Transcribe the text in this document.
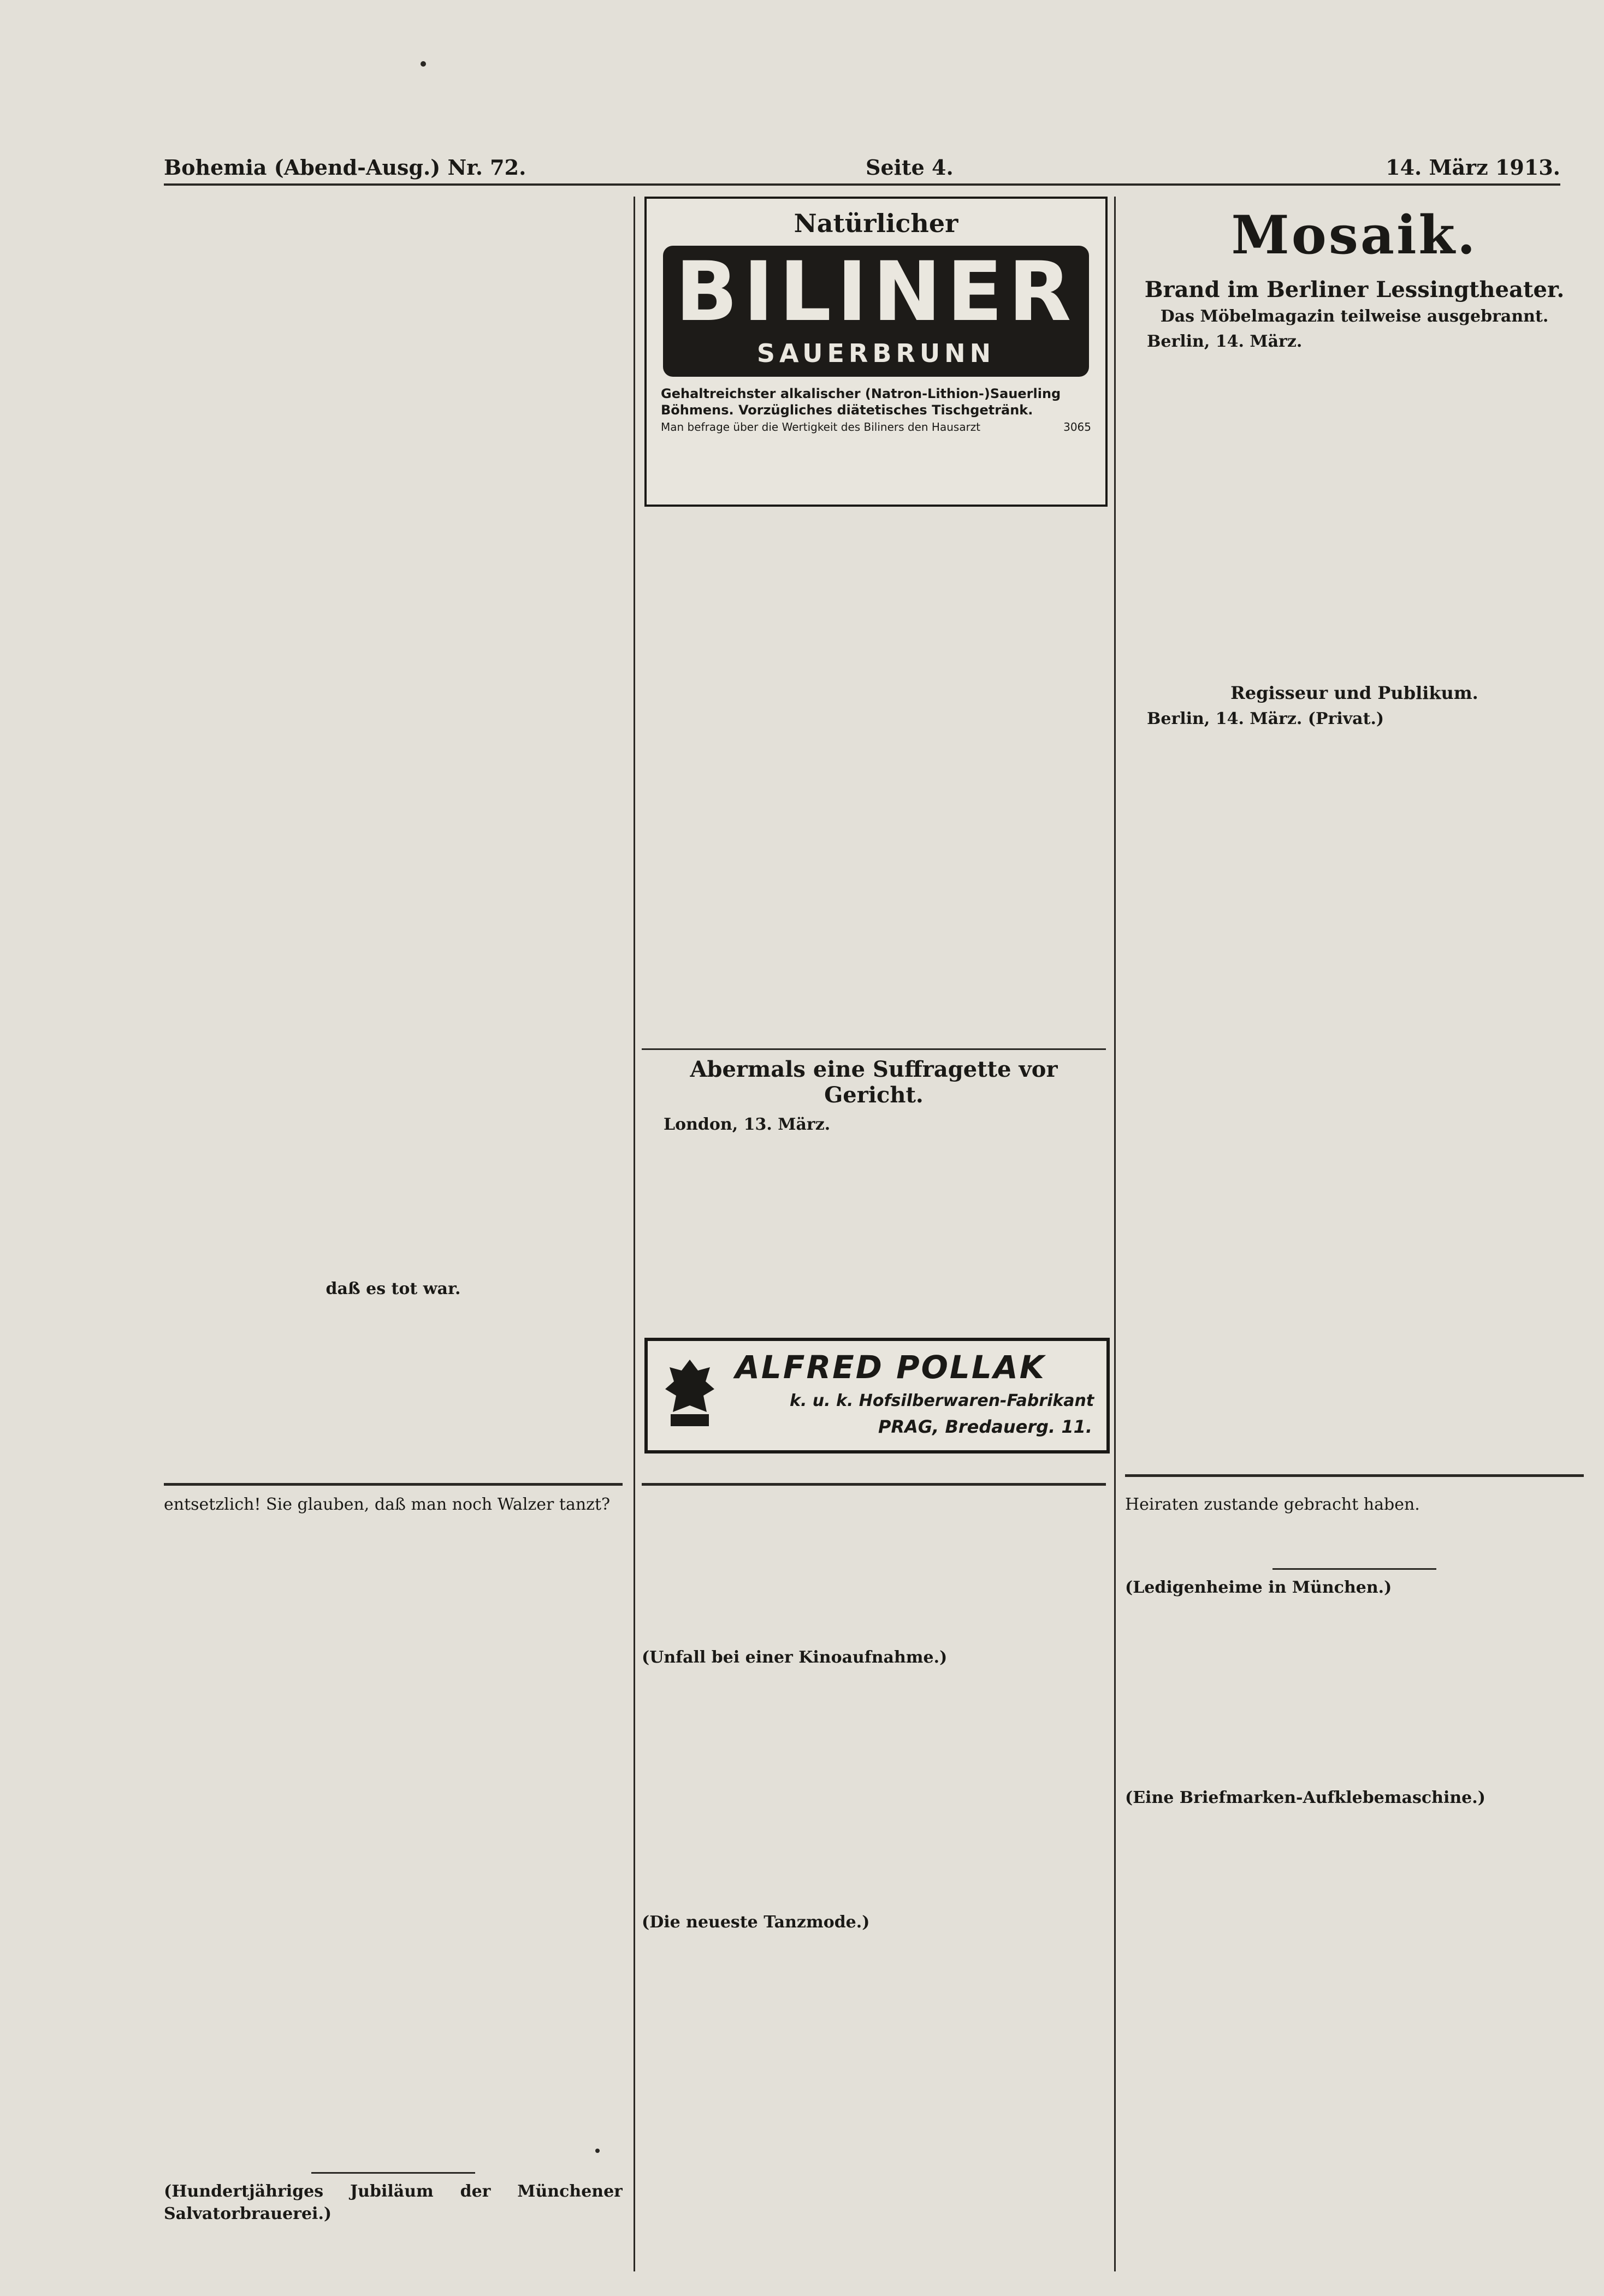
Bohemia (Abend-Ausg.) Nr. 72.	Seite 4.	14. März 1913.

daß es tot war.

Natürlicher
BILINER
SAUERBRUNN
Gehaltreichster alkalischer (Natron-Lithion-)Sauerling Böhmens. Vorzügliches diätetisches Tischgetränk.
Man befrage über die Wertigkeit des Biliners den Hausarzt	3065
Abermals eine Suffragette vor Gericht.

London, 13. März.

ALFRED POLLAK
k. u. k. Hofsilberwaren-Fabrikant
PRAG, Bredauerg. 11.
Mosaik.
Brand im Berliner Lessingtheater.
Das Möbelmagazin teilweise ausgebrannt.

Berlin, 14. März.

Regisseur und Publikum.

Berlin, 14. März. (Privat.)

entsetzlich! Sie glauben, daß man noch Walzer tanzt?

(Hundertjähriges Jubiläum der Münchener Salvatorbrauerei.)

(Unfall bei einer Kinoaufnahme.)

(Die neueste Tanzmode.)

Heiraten zustande gebracht haben.

(Ledigenheime in München.)

(Eine Briefmarken-Aufklebemaschine.)
